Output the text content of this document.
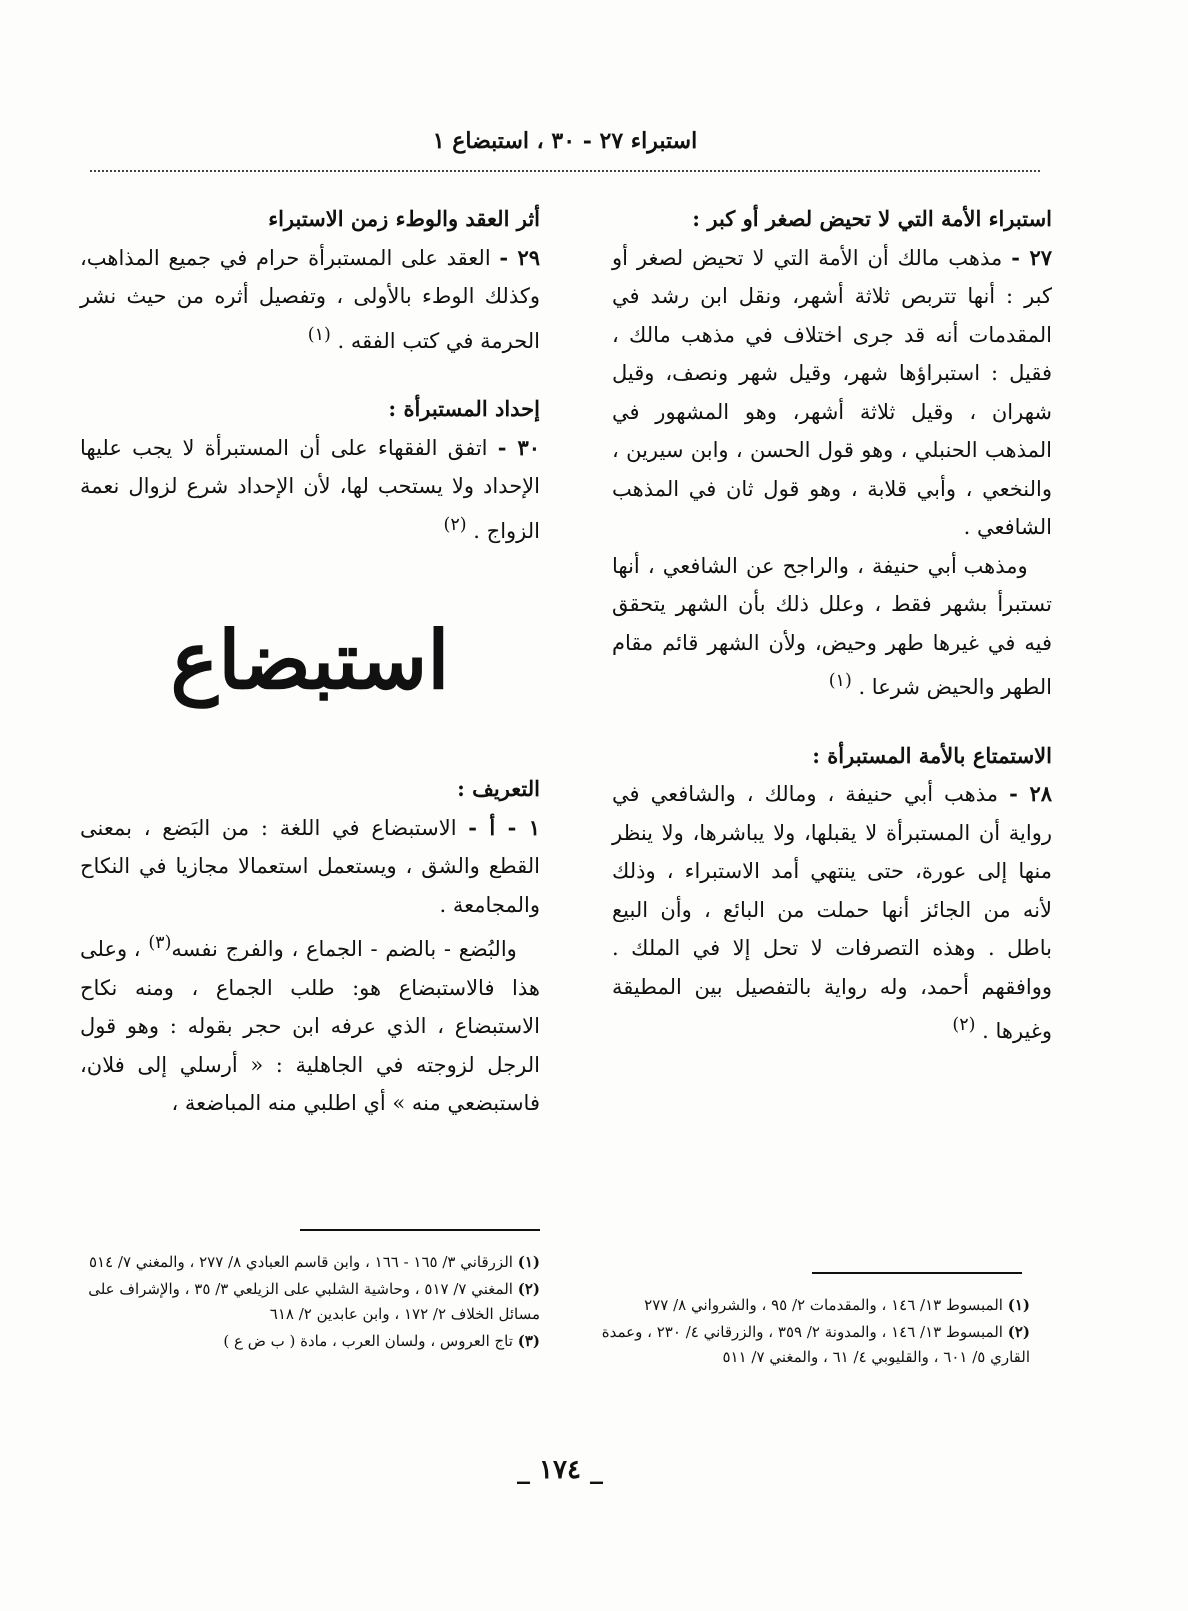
استبراء ٢٧ - ٣٠ ، استبضاع ١

استبراء الأمة التي لا تحيض لصغر أو كبر :

٢٧ - مذهب مالك أن الأمة التي لا تحيض لصغر أو كبر : أنها تتربص ثلاثة أشهر، ونقل ابن رشد في المقدمات أنه قد جرى اختلاف في مذهب مالك ، فقيل : استبراؤها شهر، وقيل شهر ونصف، وقيل شهران ، وقيل ثلاثة أشهر، وهو المشهور في المذهب الحنبلي ، وهو قول الحسن ، وابن سيرين ، والنخعي ، وأبي قلابة ، وهو قول ثان في المذهب الشافعي .

ومذهب أبي حنيفة ، والراجح عن الشافعي ، أنها تستبرأ بشهر فقط ، وعلل ذلك بأن الشهر يتحقق فيه في غيرها طهر وحيض، ولأن الشهر قائم مقام الطهر والحيض شرعا . $^{(١)}$

الاستمتاع بالأمة المستبرأة :

٢٨ - مذهب أبي حنيفة ، ومالك ، والشافعي في رواية أن المستبرأة لا يقبلها، ولا يباشرها، ولا ينظر منها إلى عورة، حتى ينتهي أمد الاستبراء ، وذلك لأنه من الجائز أنها حملت من البائع ، وأن البيع باطل . وهذه التصرفات لا تحل إلا في الملك . ووافقهم أحمد، وله رواية بالتفصيل بين المطيقة وغيرها . $^{(٢)}$

أثر العقد والوطء زمن الاستبراء

٢٩ - العقد على المستبرأة حرام في جميع المذاهب، وكذلك الوطء بالأولى ، وتفصيل أثره من حيث نشر الحرمة في كتب الفقه . $^{(١)}$

إحداد المستبرأة :

٣٠ - اتفق الفقهاء على أن المستبرأة لا يجب عليها الإحداد ولا يستحب لها، لأن الإحداد شرع لزوال نعمة الزواج . $^{(٢)}$

استبضاع

التعريف :

١ - أ - الاستبضاع في اللغة : من البَضع ، بمعنى القطع والشق ، ويستعمل استعمالا مجازيا في النكاح والمجامعة .

والبُضع - بالضم - الجماع ، والفرج نفسه$^{(٣)}$ ، وعلى هذا فالاستبضاع هو: طلب الجماع ، ومنه نكاح الاستبضاع ، الذي عرفه ابن حجر بقوله : وهو قول الرجل لزوجته في الجاهلية : « أرسلي إلى فلان، فاستبضعي منه » أي اطلبي منه المباضعة ،

(١) الزرقاني ٣/ ١٦٥ - ١٦٦ ، وابن قاسم العبادي ٨/ ٢٧٧ ، والمغني ٧/ ٥١٤

(٢) المغني ٧/ ٥١٧ ، وحاشية الشلبي على الزيلعي ٣/ ٣٥ ، والإشراف على مسائل الخلاف ٢/ ١٧٢ ، وابن عابدين ٢/ ٦١٨

(٣) تاج العروس ، ولسان العرب ، مادة ( ب ض ع )

(١) المبسوط ١٣/ ١٤٦ ، والمقدمات ٢/ ٩٥ ، والشرواني ٨/ ٢٧٧

(٢) المبسوط ١٣/ ١٤٦ ، والمدونة ٢/ ٣٥٩ ، والزرقاني ٤/ ٢٣٠ ، وعمدة القاري ٥/ ٦٠١ ، والقليوبي ٤/ ٦١ ، والمغني ٧/ ٥١١

_ ١٧٤ _
